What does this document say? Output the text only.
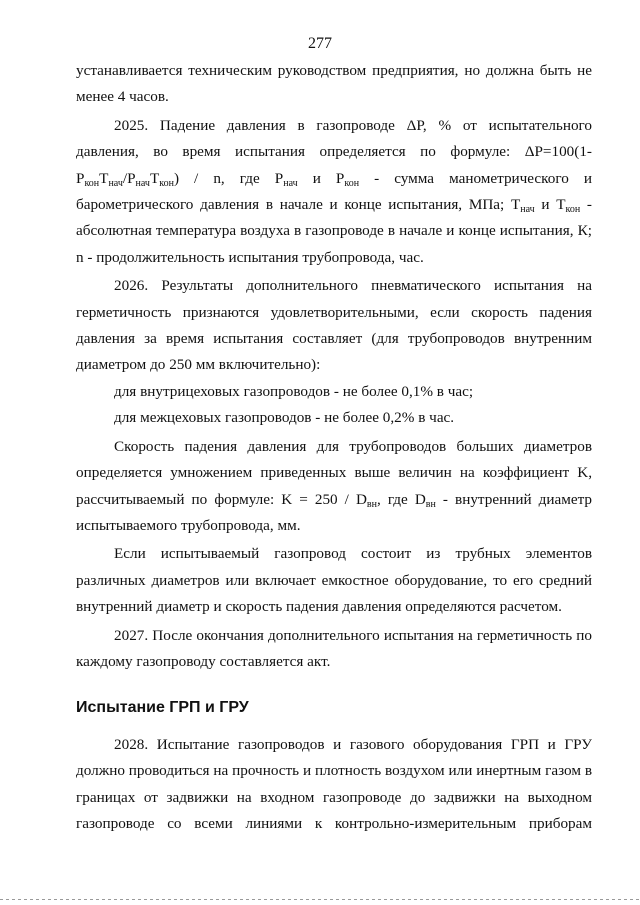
277

устанавливается техническим руководством предприятия, но должна быть не менее 4 часов.

2025. Падение давления в газопроводе ΔР, % от испытательного давления, во время испытания определяется по формуле: $\Delta P=100(1-P_{кон}T_{нач}/P_{нач}T_{кон}) / n$, где $P_{нач}$ и $P_{кон}$ - сумма манометрического и барометрического давления в начале и конце испытания, МПа; $T_{нач}$ и $T_{кон}$ - абсолютная температура воздуха в газопроводе в начале и конце испытания, К; n - продолжительность испытания трубопровода, час.

2026. Результаты дополнительного пневматического испытания на герметичность признаются удовлетворительными, если скорость падения давления за время испытания составляет (для трубопроводов внутренним диаметром до 250 мм включительно):

для внутрицеховых газопроводов - не более 0,1% в час;

для межцеховых газопроводов - не более 0,2% в час.

Скорость падения давления для трубопроводов больших диаметров определяется умножением приведенных выше величин на коэффициент K, рассчитываемый по формуле: $K = 250 / D_{вн}$, где $D_{вн}$ - внутренний диаметр испытываемого трубопровода, мм.

Если испытываемый газопровод состоит из трубных элементов различных диаметров или включает емкостное оборудование, то его средний внутренний диаметр и скорость падения давления определяются расчетом.

2027. После окончания дополнительного испытания на герметичность по каждому газопроводу составляется акт.

Испытание ГРП и ГРУ

2028. Испытание газопроводов и газового оборудования ГРП и ГРУ должно проводиться на прочность и плотность воздухом или инертным газом в границах от задвижки на входном газопроводе до задвижки на выходном газопроводе со всеми линиями к контрольно-измерительным приборам
